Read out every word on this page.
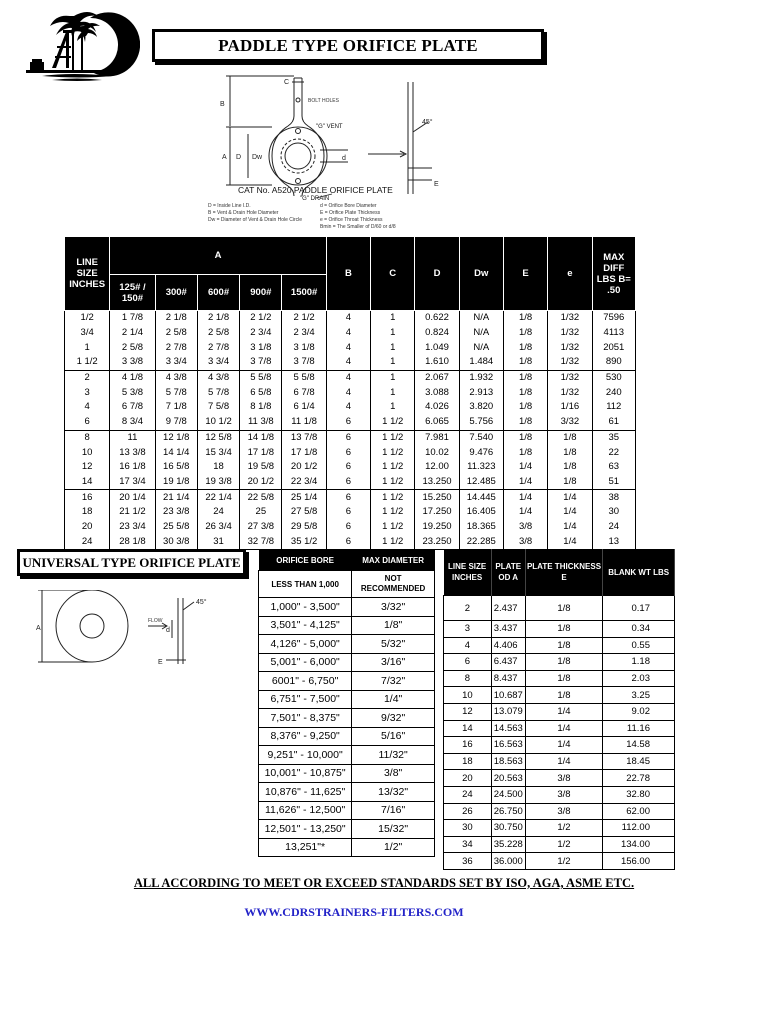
PADDLE TYPE ORIFICE PLATE
B
C
A D Dw	d
E
45°
BOLT HOLES
"G" VENT
"G" DRAIN
CAT No. A520 PADDLE ORIFICE PLATE
D = Inside Line I.D.
B = Vent & Drain Hole Diameter
Dw = Diameter of Vent & Drain Hole Circle
d = Orifice Bore Diameter
E = Orifice Plate Thickness
e = Orifice Throat Thickness
Bmin = The Smaller of D/60 or d/8
LINE SIZE INCHES	A					B	C	D	Dw	E	e	MAX DIFF LBS B= .50
	125# / 150#	300#	600#	900#	1500#							
1/2	1 7/8	2 1/8	2 1/8	2 1/2	2 1/2	4	1	0.622	N/A	1/8	1/32	7596
3/4	2 1/4	2 5/8	2 5/8	2 3/4	2 3/4	4	1	0.824	N/A	1/8	1/32	4113
1	2 5/8	2 7/8	2 7/8	3 1/8	3 1/8	4	1	1.049	N/A	1/8	1/32	2051
1 1/2	3 3/8	3 3/4	3 3/4	3 7/8	3 7/8	4	1	1.610	1.484	1/8	1/32	890
2	4 1/8	4 3/8	4 3/8	5 5/8	5 5/8	4	1	2.067	1.932	1/8	1/32	530
3	5 3/8	5 7/8	5 7/8	6 5/8	6 7/8	4	1	3.088	2.913	1/8	1/32	240
4	6 7/8	7 1/8	7 5/8	8 1/8	6 1/4	4	1	4.026	3.820	1/8	1/16	112
6	8 3/4	9 7/8	10 1/2	11 3/8	11 1/8	6	1 1/2	6.065	5.756	1/8	3/32	61
8	11	12 1/8	12 5/8	14 1/8	13 7/8	6	1 1/2	7.981	7.540	1/8	1/8	35
10	13 3/8	14 1/4	15 3/4	17 1/8	17 1/8	6	1 1/2	10.02	9.476	1/8	1/8	22
12	16 1/8	16 5/8	18	19 5/8	20 1/2	6	1 1/2	12.00	11.323	1/4	1/8	63
14	17 3/4	19 1/8	19 3/8	20 1/2	22 3/4	6	1 1/2	13.250	12.485	1/4	1/8	51
16	20 1/4	21 1/4	22 1/4	22 5/8	25 1/4	6	1 1/2	15.250	14.445	1/4	1/4	38
18	21 1/2	23 3/8	24	25	27 5/8	6	1 1/2	17.250	16.405	1/4	1/4	30
20	23 3/4	25 5/8	26 3/4	27 3/8	29 5/8	6	1 1/2	19.250	18.365	3/8	1/4	24
24	28 1/8	30 3/8	31	32 7/8	35 1/2	6	1 1/2	23.250	22.285	3/8	1/4	13
UNIVERSAL TYPE ORIFICE PLATE
A	d
E
45°
FLOW
ORIFICE BORE	MAX DIAMETER
LESS THAN 1,000	NOT RECOMMENDED
1,000" - 3,500"	3/32"
3,501" - 4,125"	1/8"
4,126" - 5,000"	5/32"
5,001" - 6,000"	3/16"
6001" - 6,750"	7/32"
6,751" - 7,500"	1/4"
7,501" - 8,375"	9/32"
8,376" - 9,250"	5/16"
9,251" - 10,000"	11/32"
10,001" - 10,875"	3/8"
10,876" - 11,625"	13/32"
11,626" - 12,500"	7/16"
12,501" - 13,250"	15/32"
13,251"*	1/2"
LINE SIZE INCHES	PLATE OD A	PLATE THICKNESS E	BLANK WT LBS
2	2.437	1/8	0.17
3	3.437	1/8	0.34
4	4.406	1/8	0.55
6	6.437	1/8	1.18
8	8.437	1/8	2.03
10	10.687	1/8	3.25
12	13.079	1/4	9.02
14	14.563	1/4	11.16
16	16.563	1/4	14.58
18	18.563	1/4	18.45
20	20.563	3/8	22.78
24	24.500	3/8	32.80
26	26.750	3/8	62.00
30	30.750	1/2	112.00
34	35.228	1/2	134.00
36	36.000	1/2	156.00
ALL ACCORDING TO MEET OR EXCEED STANDARDS SET BY ISO, AGA, ASME ETC.
WWW.CDRSTRAINERS-FILTERS.COM
